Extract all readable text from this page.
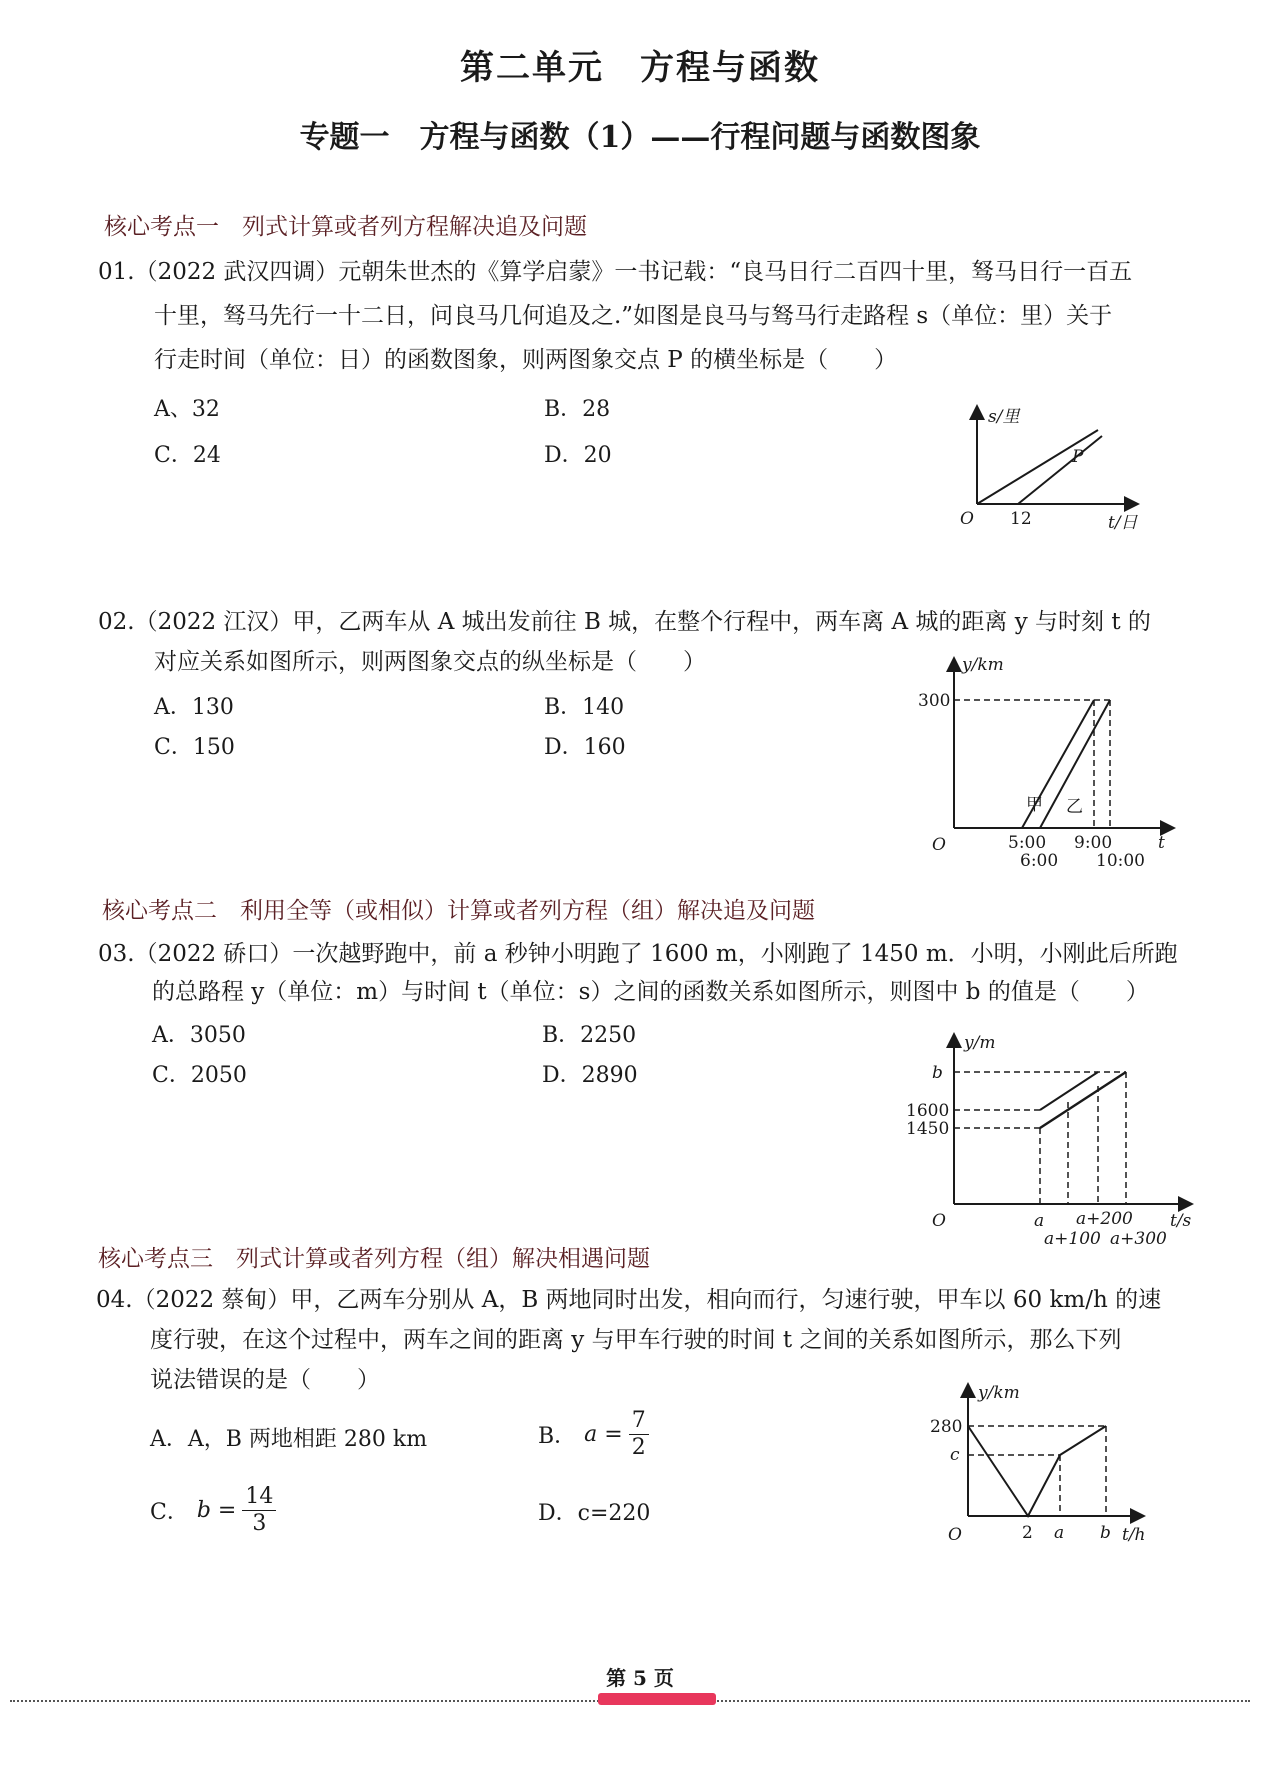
第二单元　方程与函数
专题一　方程与函数（1）——行程问题与函数图象
核心考点一　列式计算或者列方程解决追及问题
01.（2022 武汉四调）元朝朱世杰的《算学启蒙》一书记载：“良马日行二百四十里，驽马日行一百五
十里，驽马先行一十二日，问良马几何追及之.”如图是良马与驽马行走路程 s（单位：里）关于
行走时间（单位：日）的函数图象，则两图象交点 P 的横坐标是（　　）
A、32	B．28
C．24	D．20
s/里
P
O 12	t/日
02.（2022 江汉）甲，乙两车从 A 城出发前往 B 城，在整个行程中，两车离 A 城的距离 y 与时刻 t 的
对应关系如图所示，则两图象交点的纵坐标是（　　）
A．130	B．140
C．150	D．160
y/km
300
甲 乙
O	5:00 9:00
6:00 10:00
t
核心考点二　利用全等（或相似）计算或者列方程（组）解决追及问题
03.（2022 硚口）一次越野跑中，前 a 秒钟小明跑了 1600 m，小刚跑了 1450 m．小明，小刚此后所跑
的总路程 y（单位：m）与时间 t（单位：s）之间的函数关系如图所示，则图中 b 的值是（　　）
A．3050	B．2250
C．2050	D．2890
y/m
b
1600
1450
O	a a+200
a+100 a+300
t/s
核心考点三　列式计算或者列方程（组）解决相遇问题
04.（2022 蔡甸）甲，乙两车分别从 A，B 两地同时出发，相向而行，匀速行驶，甲车以 60 km/h 的速
度行驶，在这个过程中，两车之间的距离 y 与甲车行驶的时间 t 之间的关系如图所示，那么下列
说法错误的是（　　）
A．A，B 两地相距 280 km	B． $a = \frac{7}{2}$
C． $b = \frac{14}{3}$	D．c=220
y/km
280
c
O	2 a b t/h
第 5 页
